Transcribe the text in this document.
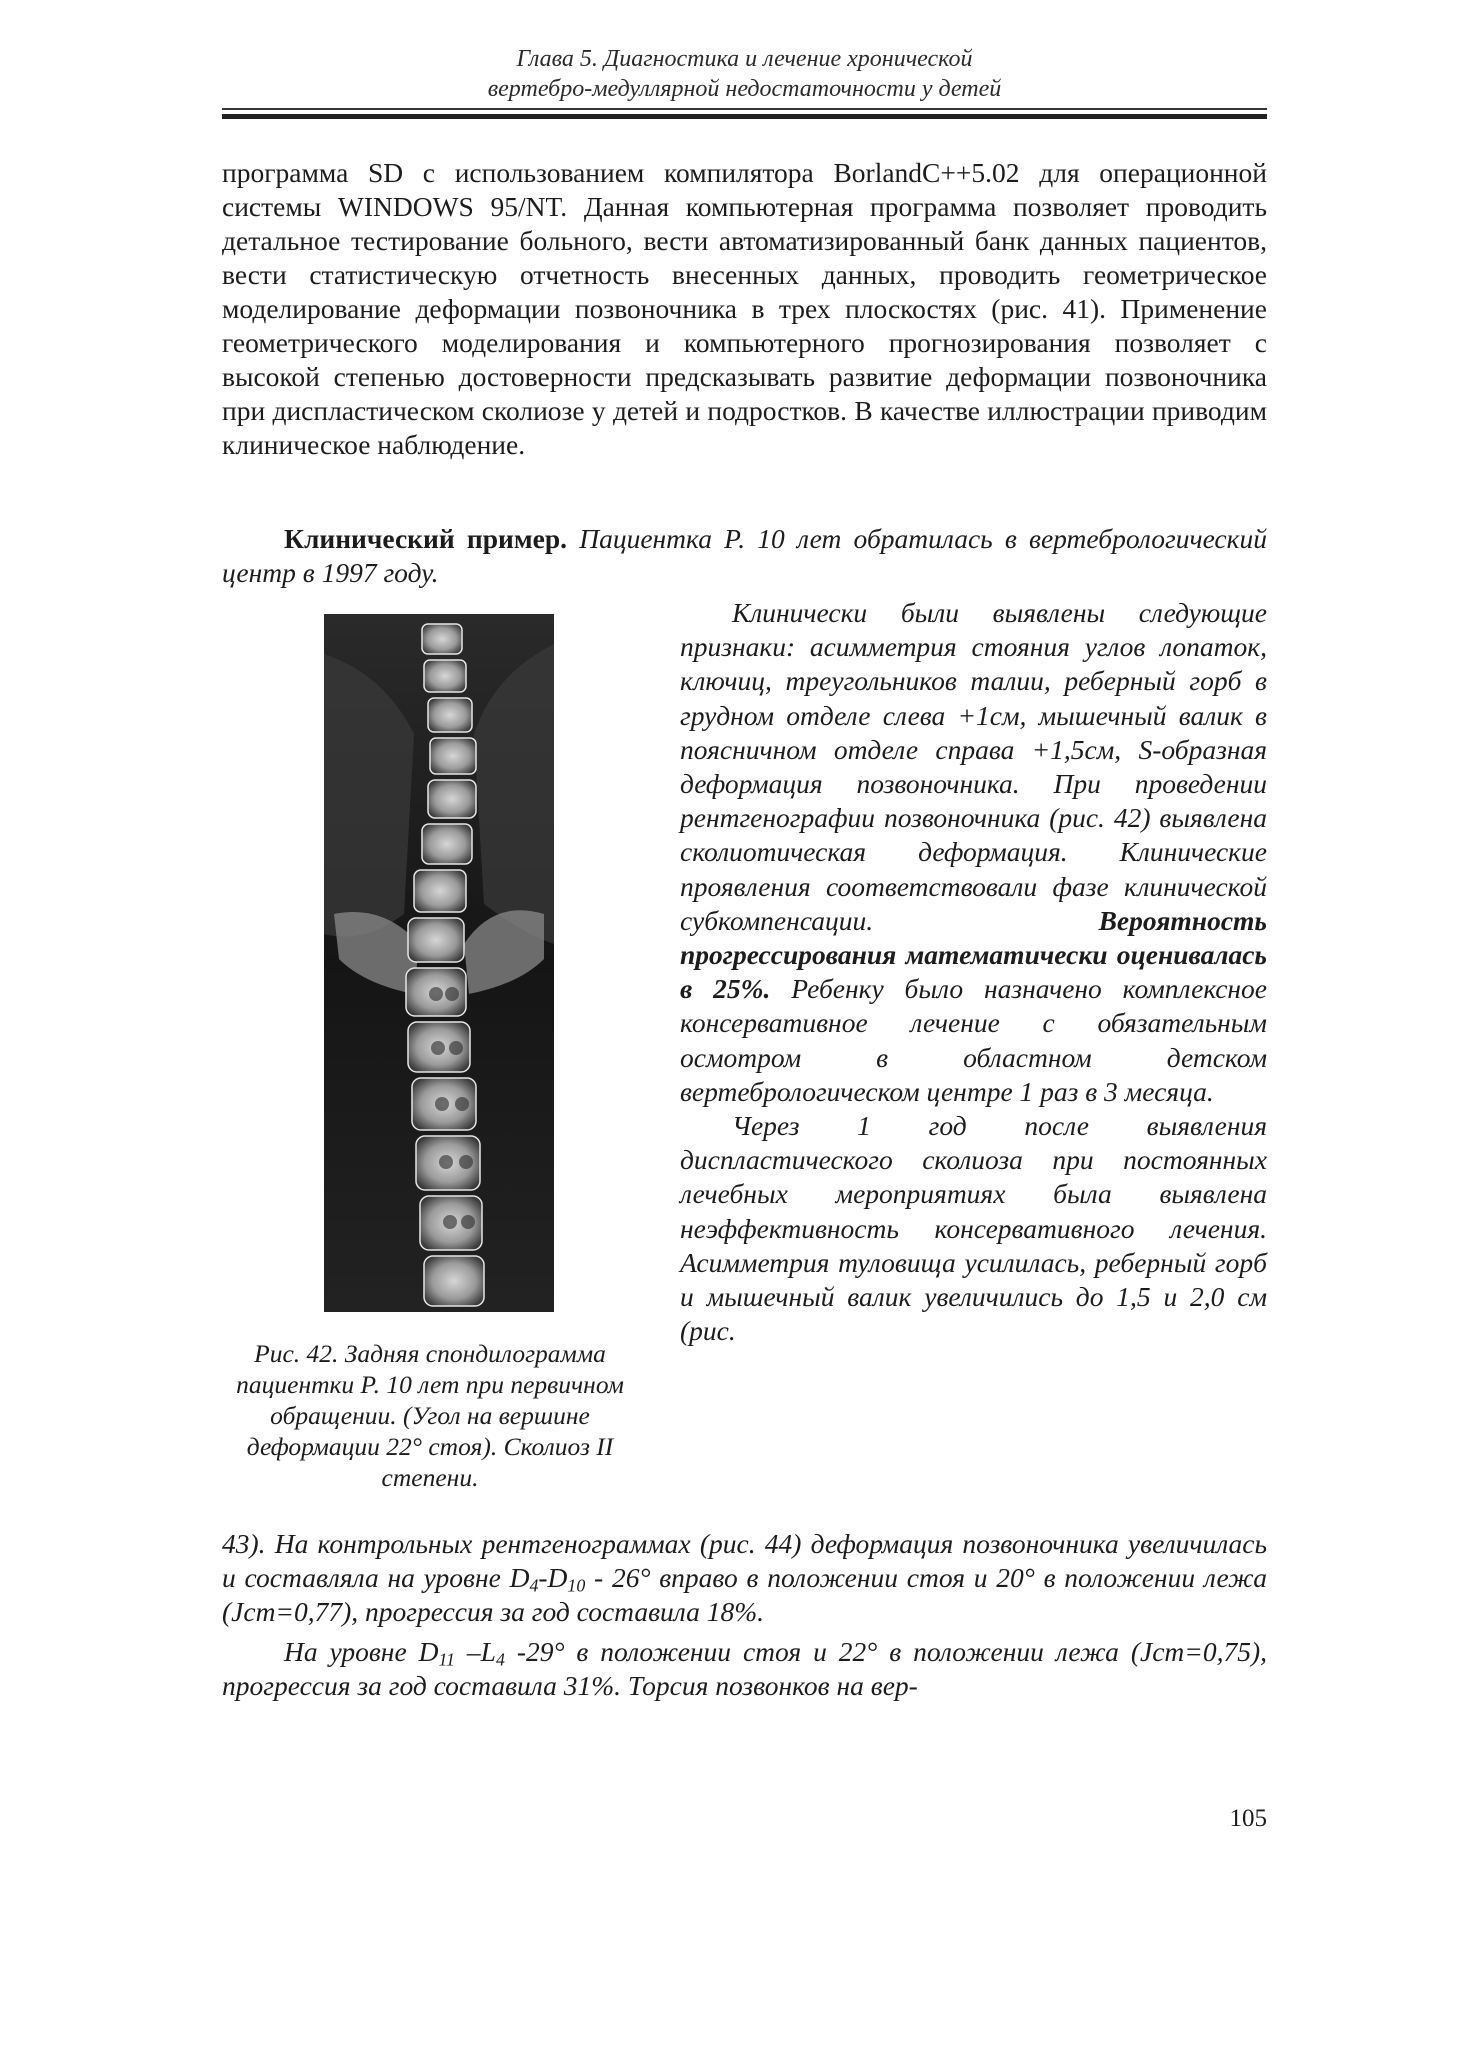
Глава 5. Диагностика и лечение хронической
вертебро-медуллярной недостаточности у детей

программа SD с использованием компилятора BorlandC++5.02 для операционной системы WINDOWS 95/NT. Данная компьютерная программа позволяет проводить детальное тестирование больного, вести автоматизированный банк данных пациентов, вести статистическую отчетность внесенных данных, проводить геометрическое моделирование деформации позвоночника в трех плоскостях (рис. 41). Применение геометрического моделирования и компьютерного прогнозирования позволяет с высокой степенью достоверности предсказывать развитие деформации позвоночника при диспластическом сколиозе у детей и подростков. В качестве иллюстрации приводим клиническое наблюдение.

Клинический пример. Пациентка Р. 10 лет обратилась в вертебрологический центр в 1997 году.

Рис. 42. Задняя спондилограмма пациентки Р. 10 лет при первичном обращении. (Угол на вершине деформации 22° стоя). Сколиоз II степени.

Клинически были выявлены следующие признаки: асимметрия стояния углов лопаток, ключиц, треугольников талии, реберный горб в грудном отделе слева +1см, мышечный валик в поясничном отделе справа +1,5см, S-образная деформация позвоночника. При проведении рентгенографии позвоночника (рис. 42) выявлена сколиотическая деформация. Клинические проявления соответствовали фазе клинической субкомпенсации. Вероятность прогрессирования математически оценивалась в 25%. Ребенку было назначено комплексное консервативное лечение с обязательным осмотром в областном детском вертебрологическом центре 1 раз в 3 месяца.

Через 1 год после выявления диспластического сколиоза при постоянных лечебных мероприятиях была выявлена неэффективность консервативного лечения. Асимметрия туловища усилилась, реберный горб и мышечный валик увеличились до 1,5 и 2,0 см (рис.

43). На контрольных рентгенограммах (рис. 44) деформация позвоночника увеличилась и составляла на уровне $D_4-D_{10} - 26^\circ$ вправо в положении стоя и 20° в положении лежа (Jcm=0,77), прогрессия за год составила 18%.

На уровне $D_{11}$ $-L_4$ -29° в положении стоя и 22° в положении лежа (Jcm=0,75), прогрессия за год составила 31%. Торсия позвонков на вер-

105
